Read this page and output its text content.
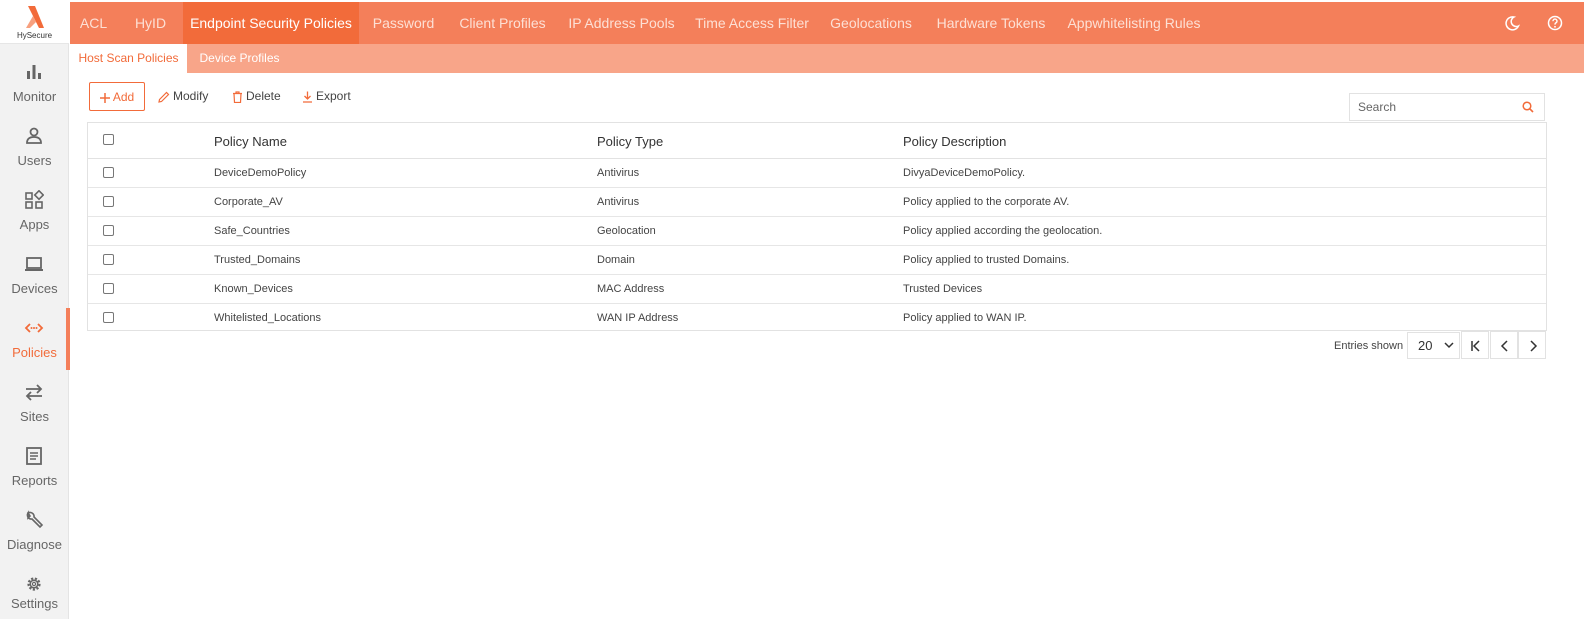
HySecure
Monitor
Users
Apps
Devices
Policies
Sites
Reports
Diagnose
Settings
ACL	HyID	Endpoint Security Policies	Password	Client Profiles	IP Address Pools	Time Access Filter	Geolocations	Hardware Tokens	Appwhitelisting Rules
Host Scan Policies	Device Profiles
Add	Modify	Delete	Export
Search
Policy Name	Policy Type	Policy Description
DeviceDemoPolicy	Antivirus	DivyaDeviceDemoPolicy.
Corporate_AV	Antivirus	Policy applied to the corporate AV.
Safe_Countries	Geolocation	Policy applied according the geolocation.
Trusted_Domains	Domain	Policy applied to trusted Domains.
Known_Devices	MAC Address	Trusted Devices
Whitelisted_Locations	WAN IP Address	Policy applied to WAN IP.
Entries shown	20
